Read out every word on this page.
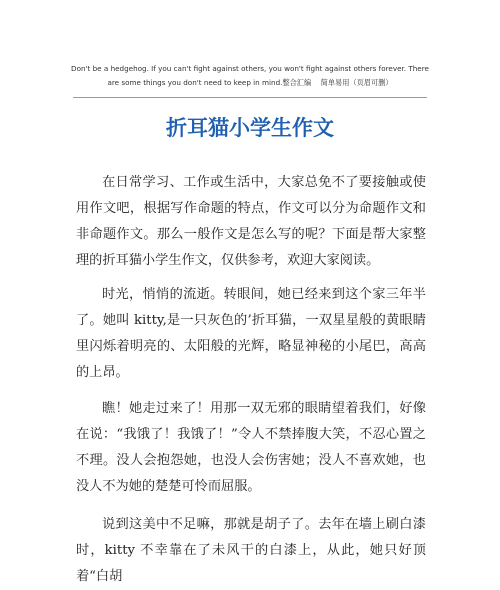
Don't be a hedgehog. If you can't fight against others, you won't fight against others forever. There are some things you don't need to keep in mind.整合汇编　 简单易用（页眉可删）
折耳猫小学生作文

在日常学习、工作或生活中，大家总免不了要接触或使用作文吧，根据写作命题的特点，作文可以分为命题作文和非命题作文。那么一般作文是怎么写的呢？下面是帮大家整理的折耳猫小学生作文，仅供参考，欢迎大家阅读。

时光，悄悄的流逝。转眼间，她已经来到这个家三年半了。她叫 kitty,是一只灰色的’折耳猫，一双星星般的黄眼睛里闪烁着明亮的、太阳般的光辉，略显神秘的小尾巴，高高的上昂。

瞧！她走过来了！用那一双无邪的眼睛望着我们，好像在说：“我饿了！我饿了！”令人不禁捧腹大笑，不忍心置之不理。没人会抱怨她，也没人会伤害她；没人不喜欢她，也没人不为她的楚楚可怜而屈服。

说到这美中不足嘛，那就是胡子了。去年在墙上刷白漆时，kitty 不幸靠在了未风干的白漆上，从此，她只好顶着“白胡
